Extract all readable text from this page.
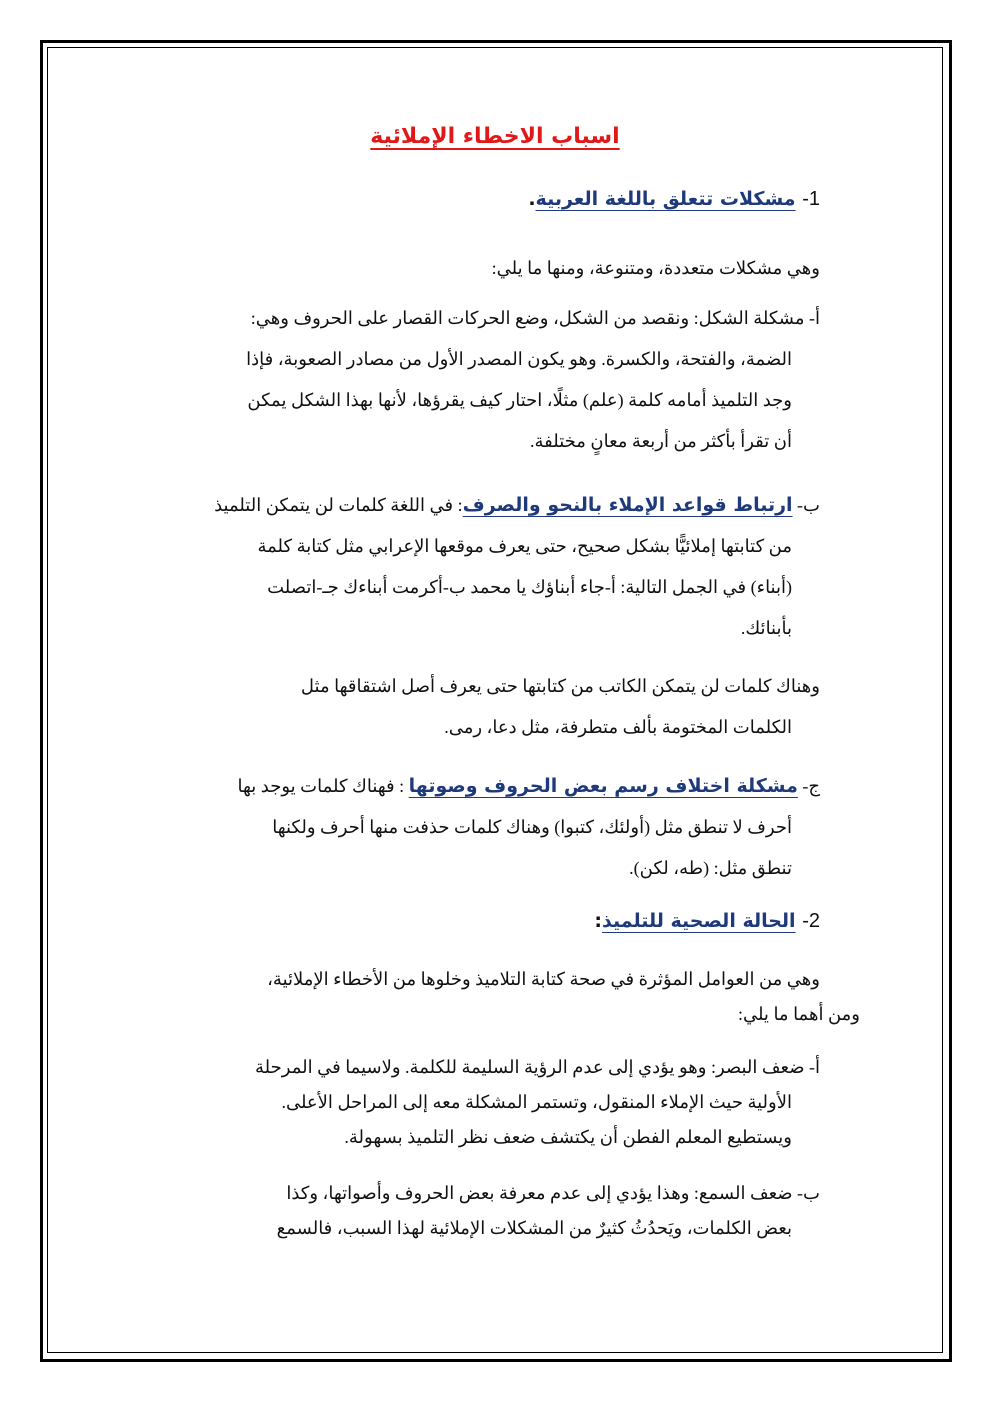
اسباب الاخطاء الإملائية
1- مشكلات تتعلق باللغة العربية.
وهي مشكلات متعددة، ومتنوعة، ومنها ما يلي:
أ- مشكلة الشكل: ونقصد من الشكل، وضع الحركات القصار على الحروف وهي:
الضمة، والفتحة، والكسرة. وهو يكون المصدر الأول من مصادر الصعوبة، فإذا
وجد التلميذ أمامه كلمة (علم) مثلًا، احتار كيف يقرؤها، لأنها بهذا الشكل يمكن
أن تقرأ بأكثر من أربعة معانٍ مختلفة.
ب- ارتباط قواعد الإملاء بالنحو والصرف: في اللغة كلمات لن يتمكن التلميذ
من كتابتها إملائيًّا بشكل صحيح، حتى يعرف موقعها الإعرابي مثل كتابة كلمة
(أبناء) في الجمل التالية: أ-جاء أبناؤك يا محمد ب-أكرمت أبناءك جـ-اتصلت
بأبنائك.
وهناك كلمات لن يتمكن الكاتب من كتابتها حتى يعرف أصل اشتقاقها مثل
الكلمات المختومة بألف متطرفة، مثل دعا، رمى.
ج- مشكلة اختلاف رسم بعض الحروف وصوتها : فهناك كلمات يوجد بها
أحرف لا تنطق مثل (أولئك، كتبوا) وهناك كلمات حذفت منها أحرف ولكنها
تنطق مثل: (طه، لكن).
2- الحالة الصحية للتلميذ:
وهي من العوامل المؤثرة في صحة كتابة التلاميذ وخلوها من الأخطاء الإملائية،
ومن أهما ما يلي:
أ- ضعف البصر: وهو يؤدي إلى عدم الرؤية السليمة للكلمة. ولاسيما في المرحلة
الأولية حيث الإملاء المنقول، وتستمر المشكلة معه إلى المراحل الأعلى.
ويستطيع المعلم الفطن أن يكتشف ضعف نظر التلميذ بسهولة.
ب- ضعف السمع: وهذا يؤدي إلى عدم معرفة بعض الحروف وأصواتها، وكذا
بعض الكلمات، ويَحدُثُ كثيرٌ من المشكلات الإملائية لهذا السبب، فالسمع
